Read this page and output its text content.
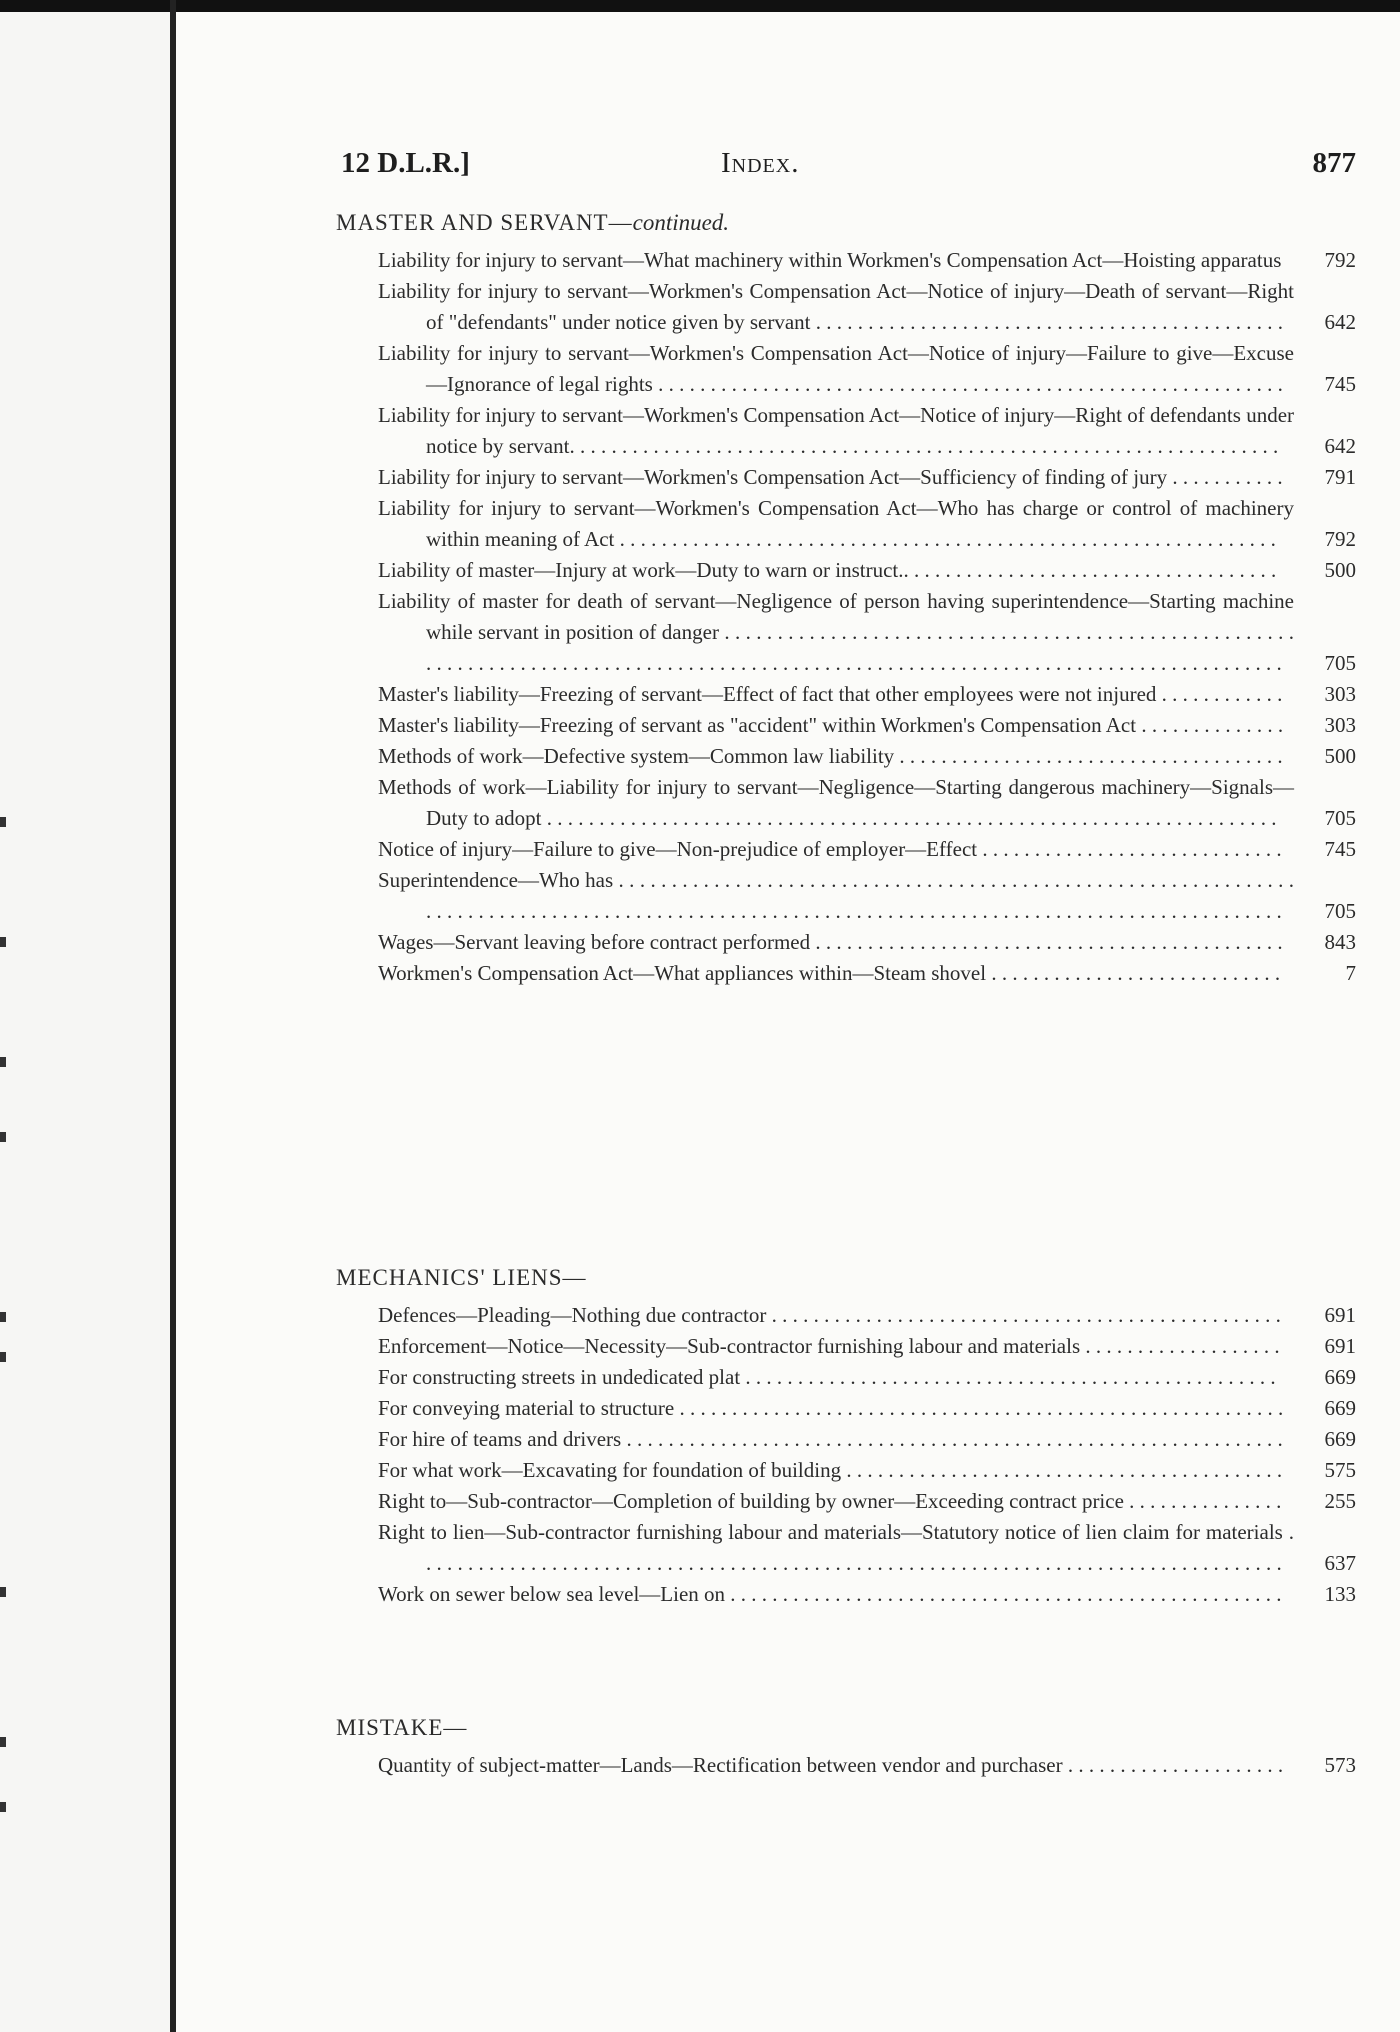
12 D.L.R.]	Index.	877
MASTER AND SERVANT—continued.
Liability for injury to servant—What machinery within Workmen's Compensation Act—Hoisting apparatus	792
Liability for injury to servant—Workmen's Compensation Act—Notice of injury—Death of servant—Right of "defendants" under notice given by servant . . . . . . . . . . . . . . . . . . . . . . . . . . . . . . . . . . . . . . . . . . . . .	642
Liability for injury to servant—Workmen's Compensation Act—Notice of injury—Failure to give—Excuse—Ignorance of legal rights . . . . . . . . . . . . . . . . . . . . . . . . . . . . . . . . . . . . . . . . . . . . . . . . . . . . . . . . . . . .	745
Liability for injury to servant—Workmen's Compensation Act—Notice of injury—Right of defendants under notice by servant. . . . . . . . . . . . . . . . . . . . . . . . . . . . . . . . . . . . . . . . . . . . . . . . . . . . . . . . . . . . . . . . . . . .	642
Liability for injury to servant—Workmen's Compensation Act—Sufficiency of finding of jury . . . . . . . . . . .	791
Liability for injury to servant—Workmen's Compensation Act—Who has charge or control of machinery within meaning of Act . . . . . . . . . . . . . . . . . . . . . . . . . . . . . . . . . . . . . . . . . . . . . . . . . . . . . . . . . . . . . . .	792
Liability of master—Injury at work—Duty to warn or instruct.. . . . . . . . . . . . . . . . . . . . . . . . . . . . . . . . . . . .	500
Liability of master for death of servant—Negligence of person having superintendence—Starting machine while servant in position of danger . . . . . . . . . . . . . . . . . . . . . . . . . . . . . . . . . . . . . . . . . . . . . . . . . . . . . . . . . . . . . . . . . . . . . . . . . . . . . . . . . . . . . . . . . . . . . . . . . . . . . . . . . . . . . . . . . . . . . . . . . . . . . . . . . . . . . . . .	705
Master's liability—Freezing of servant—Effect of fact that other employees were not injured . . . . . . . . . . . .	303
Master's liability—Freezing of servant as "accident" within Workmen's Compensation Act . . . . . . . . . . . . . .	303
Methods of work—Defective system—Common law liability . . . . . . . . . . . . . . . . . . . . . . . . . . . . . . . . . . . . .	500
Methods of work—Liability for injury to servant—Negligence—Starting dangerous machinery—Signals—Duty to adopt . . . . . . . . . . . . . . . . . . . . . . . . . . . . . . . . . . . . . . . . . . . . . . . . . . . . . . . . . . . . . . . . . . . . . .	705
Notice of injury—Failure to give—Non-prejudice of employer—Effect . . . . . . . . . . . . . . . . . . . . . . . . . . . . .	745
Superintendence—Who has . . . . . . . . . . . . . . . . . . . . . . . . . . . . . . . . . . . . . . . . . . . . . . . . . . . . . . . . . . . . . . . . . . . . . . . . . . . . . . . . . . . . . . . . . . . . . . . . . . . . . . . . . . . . . . . . . . . . . . . . . . . . . . . . . . . . . . . . . . . . . . . . . .	705
Wages—Servant leaving before contract performed . . . . . . . . . . . . . . . . . . . . . . . . . . . . . . . . . . . . . . . . . . . . .	843
Workmen's Compensation Act—What appliances within—Steam shovel . . . . . . . . . . . . . . . . . . . . . . . . . . . .	7
MECHANICS' LIENS—
Defences—Pleading—Nothing due contractor . . . . . . . . . . . . . . . . . . . . . . . . . . . . . . . . . . . . . . . . . . . . . . . . .	691
Enforcement—Notice—Necessity—Sub-contractor furnishing labour and materials . . . . . . . . . . . . . . . . . . .	691
For constructing streets in undedicated plat . . . . . . . . . . . . . . . . . . . . . . . . . . . . . . . . . . . . . . . . . . . . . . . . . . .	669
For conveying material to structure . . . . . . . . . . . . . . . . . . . . . . . . . . . . . . . . . . . . . . . . . . . . . . . . . . . . . . . . . .	669
For hire of teams and drivers . . . . . . . . . . . . . . . . . . . . . . . . . . . . . . . . . . . . . . . . . . . . . . . . . . . . . . . . . . . . . . .	669
For what work—Excavating for foundation of building . . . . . . . . . . . . . . . . . . . . . . . . . . . . . . . . . . . . . . . . . .	575
Right to—Sub-contractor—Completion of building by owner—Exceeding contract price . . . . . . . . . . . . . . .	255
Right to lien—Sub-contractor furnishing labour and materials—Statutory notice of lien claim for materials . . . . . . . . . . . . . . . . . . . . . . . . . . . . . . . . . . . . . . . . . . . . . . . . . . . . . . . . . . . . . . . . . . . . . . . . . . . . . . . . . . .	637
Work on sewer below sea level—Lien on . . . . . . . . . . . . . . . . . . . . . . . . . . . . . . . . . . . . . . . . . . . . . . . . . . . . .	133
MISTAKE—
Quantity of subject-matter—Lands—Rectification between vendor and purchaser . . . . . . . . . . . . . . . . . . . . .	573
